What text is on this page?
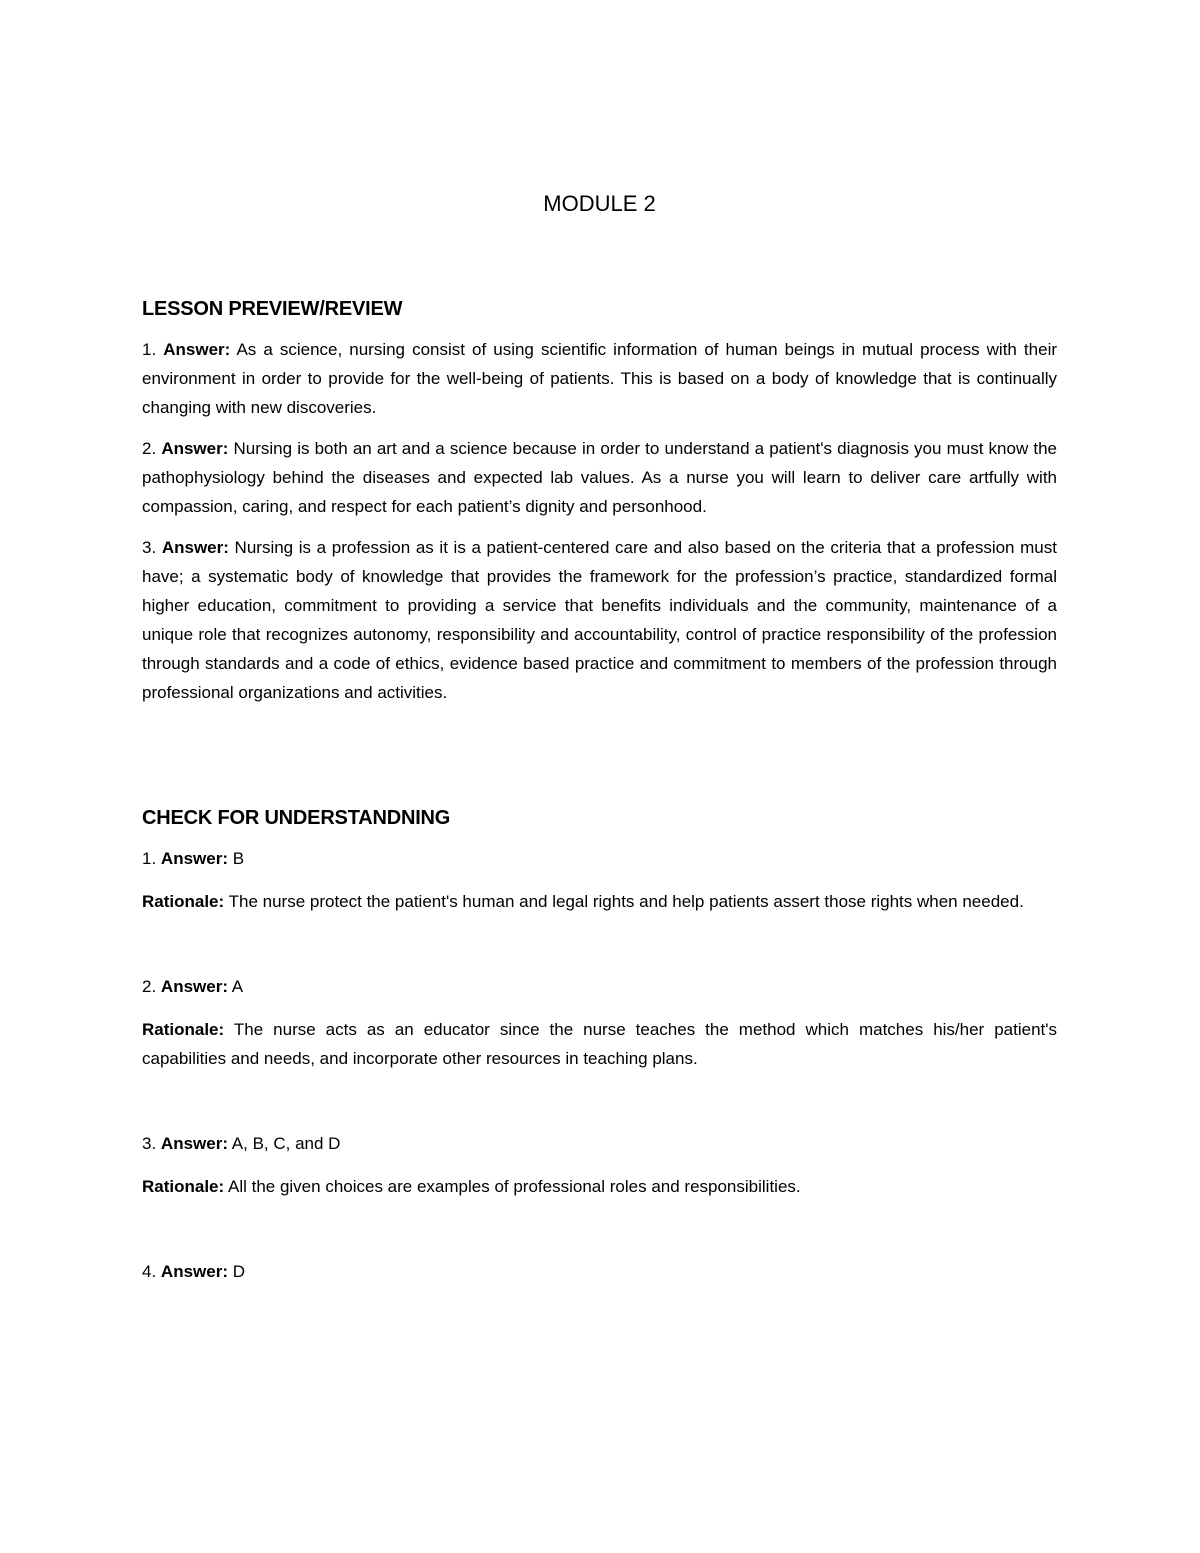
MODULE 2
LESSON PREVIEW/REVIEW

1. Answer: As a science, nursing consist of using scientific information of human beings in mutual process with their environment in order to provide for the well-being of patients. This is based on a body of knowledge that is continually changing with new discoveries.

2. Answer: Nursing is both an art and a science because in order to understand a patient's diagnosis you must know the pathophysiology behind the diseases and expected lab values. As a nurse you will learn to deliver care artfully with compassion, caring, and respect for each patient’s dignity and personhood.

3. Answer: Nursing is a profession as it is a patient-centered care and also based on the criteria that a profession must have; a systematic body of knowledge that provides the framework for the profession’s practice, standardized formal higher education, commitment to providing a service that benefits individuals and the community, maintenance of a unique role that recognizes autonomy, responsibility and accountability, control of practice responsibility of the profession through standards and a code of ethics, evidence based practice and commitment to members of the profession through professional organizations and activities.

CHECK FOR UNDERSTANDNING

1. Answer: B

Rationale: The nurse protect the patient's human and legal rights and help patients assert those rights when needed.

2. Answer: A

Rationale: The nurse acts as an educator since the nurse teaches the method which matches his/her patient's capabilities and needs, and incorporate other resources in teaching plans.

3. Answer: A, B, C, and D

Rationale: All the given choices are examples of professional roles and responsibilities.

4. Answer: D
